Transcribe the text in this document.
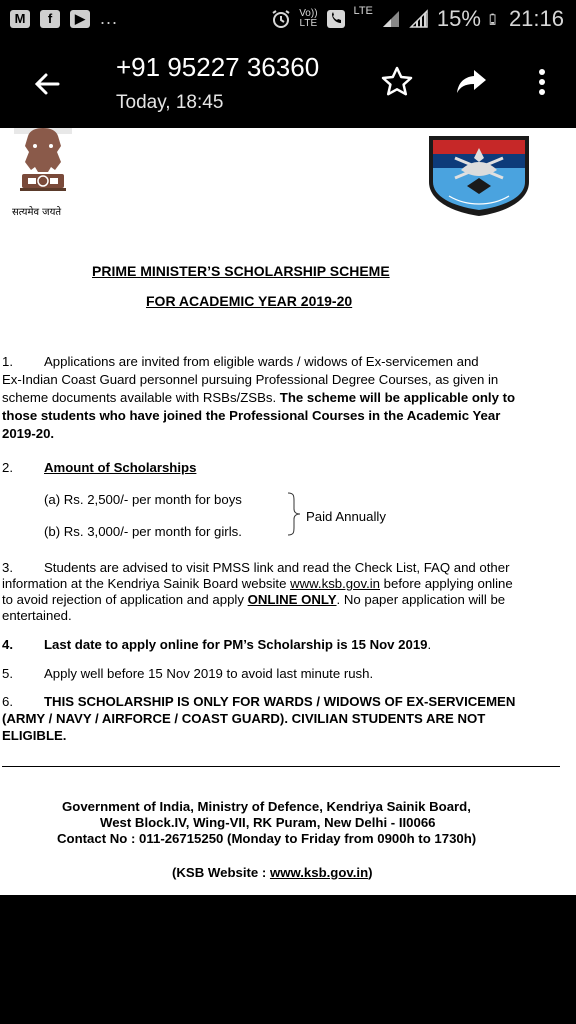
M	f	▶ ...	Vo))
LTE
LTE	15% 21:16
+91 95227 36360
Today, 18:45
सत्यमेव जयते
PRIME MINISTER’S SCHOLARSHIP SCHEME
FOR ACADEMIC YEAR 2019-20
1. Applications are invited from eligible wards / widows of Ex-servicemen and
Ex-Indian Coast Guard personnel pursuing Professional Degree Courses, as given in
scheme documents available with RSBs/ZSBs. The scheme will be applicable only to
those students who have joined the Professional Courses in the Academic Year
2019-20.
2. Amount of Scholarships
(a) Rs. 2,500/- per month for boys
(b) Rs. 3,000/- per month for girls.
Paid Annually
3. Students are advised to visit PMSS link and read the Check List, FAQ and other
information at the Kendriya Sainik Board website www.ksb.gov.in before applying online
to avoid rejection of application and apply ONLINE ONLY. No paper application will be
entertained.
4. Last date to apply online for PM’s Scholarship is 15 Nov 2019.
5. Apply well before 15 Nov 2019 to avoid last minute rush.
6. THIS SCHOLARSHIP IS ONLY FOR WARDS / WIDOWS OF EX-SERVICEMEN
(ARMY / NAVY / AIRFORCE / COAST GUARD). CIVILIAN STUDENTS ARE NOT
ELIGIBLE.
Government of India, Ministry of Defence, Kendriya Sainik Board,
West Block.IV, Wing-VII, RK Puram, New Delhi - II0066
Contact No : 011-26715250 (Monday to Friday from 0900h to 1730h)
(KSB Website : www.ksb.gov.in)
